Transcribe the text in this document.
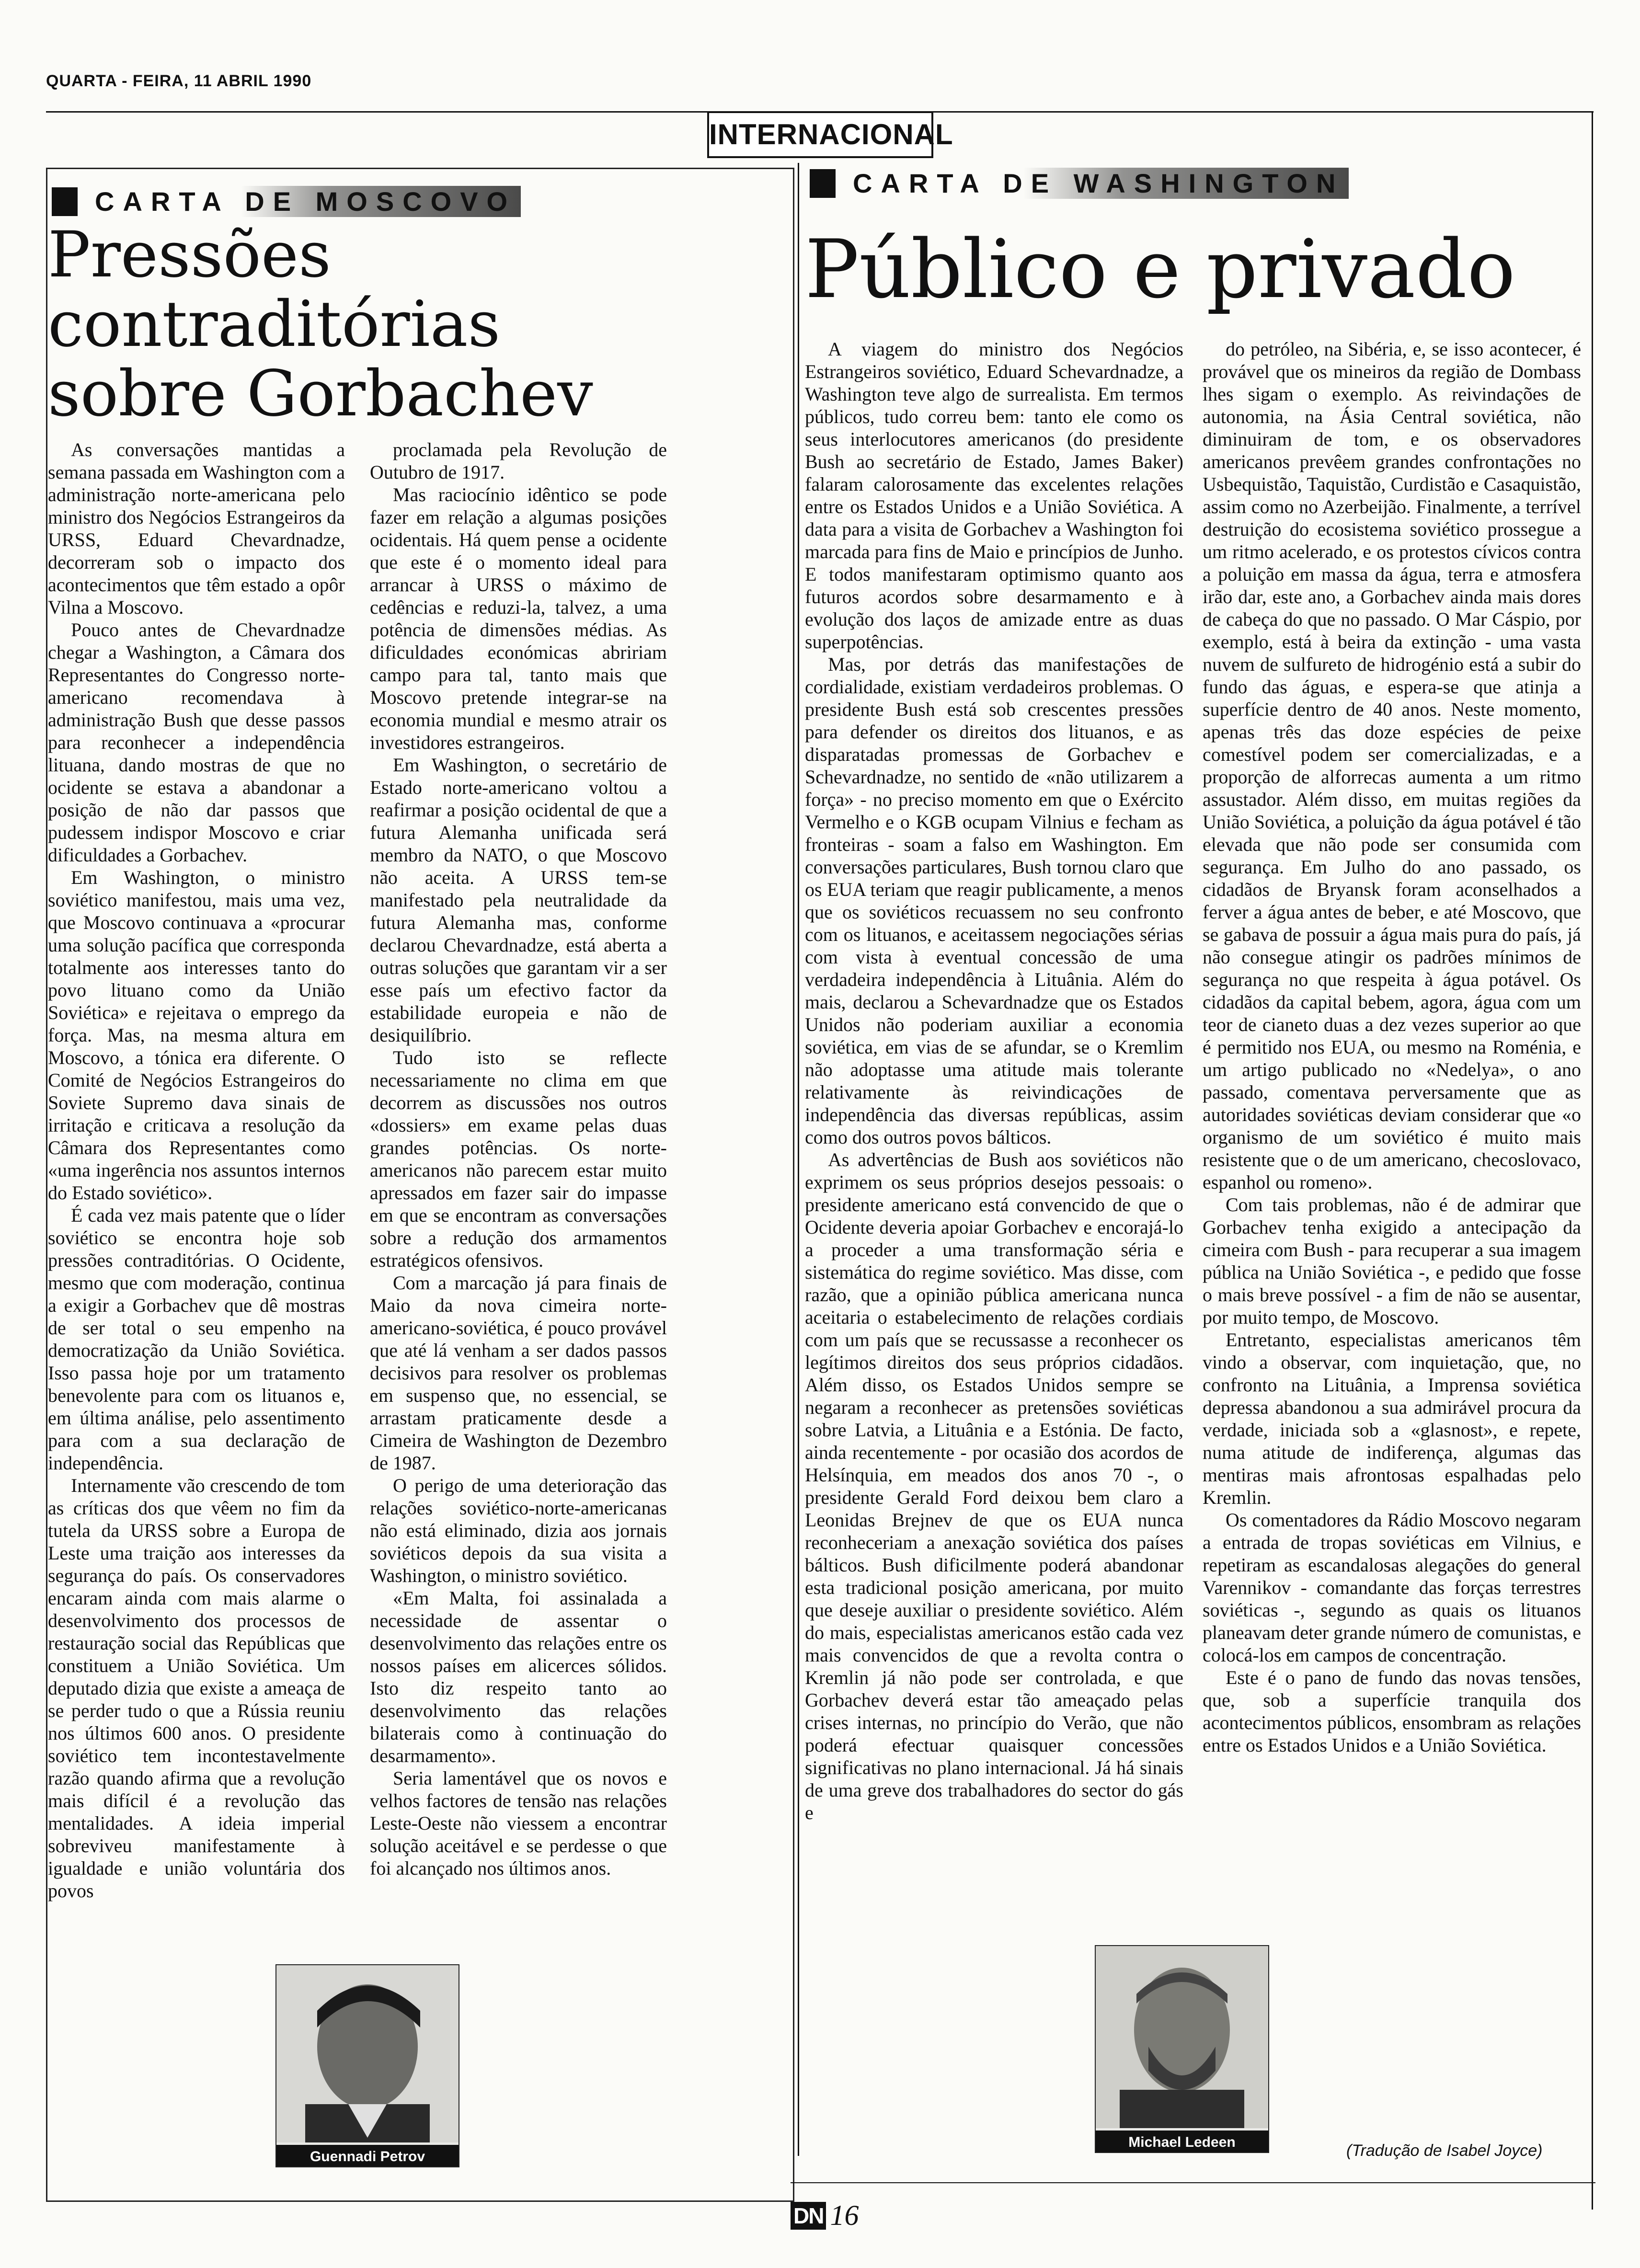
QUARTA - FEIRA, 11 ABRIL 1990
INTERNACIONAL
CARTA DE MOSCOVO
Pressões
contraditórias
sobre Gorbachev

As conversações mantidas a semana passada em Washington com a administração norte-americana pelo ministro dos Negócios Estrangeiros da URSS, Eduard Chevardnadze, decorreram sob o impacto dos acontecimentos que têm estado a opôr Vilna a Moscovo.

Pouco antes de Chevardnadze chegar a Washington, a Câmara dos Representantes do Congresso norte-americano recomendava à administração Bush que desse passos para reconhecer a independência lituana, dando mostras de que no ocidente se estava a abandonar a posição de não dar passos que pudessem indispor Moscovo e criar dificuldades a Gorbachev.

Em Washington, o ministro soviético manifestou, mais uma vez, que Moscovo continuava a «procurar uma solução pacífica que corresponda totalmente aos interesses tanto do povo lituano como da União Soviética» e rejeitava o emprego da força. Mas, na mesma altura em Moscovo, a tónica era diferente. O Comité de Negócios Estrangeiros do Soviete Supremo dava sinais de irritação e criticava a resolução da Câmara dos Representantes como «uma ingerência nos assuntos internos do Estado soviético».

É cada vez mais patente que o líder soviético se encontra hoje sob pressões contraditórias. O Ocidente, mesmo que com moderação, continua a exigir a Gorbachev que dê mostras de ser total o seu empenho na democratização da União Soviética. Isso passa hoje por um tratamento benevolente para com os lituanos e, em última análise, pelo assentimento para com a sua declaração de independência.

Internamente vão crescendo de tom as críticas dos que vêem no fim da tutela da URSS sobre a Europa de Leste uma traição aos interesses da segurança do país. Os conservadores encaram ainda com mais alarme o desenvolvimento dos processos de restauração social das Repúblicas que constituem a União Soviética. Um deputado dizia que existe a ameaça de se perder tudo o que a Rússia reuniu nos últimos 600 anos. O presidente soviético tem incontestavelmente razão quando afirma que a revolução mais difícil é a revolução das mentalidades. A ideia imperial sobreviveu manifestamente à igualdade e união voluntária dos povos

proclamada pela Revolução de Outubro de 1917.

Mas raciocínio idêntico se pode fazer em relação a algumas posições ocidentais. Há quem pense a ocidente que este é o momento ideal para arrancar à URSS o máximo de cedências e reduzi-la, talvez, a uma potência de dimensões médias. As dificuldades económicas abririam campo para tal, tanto mais que Moscovo pretende integrar-se na economia mundial e mesmo atrair os investidores estrangeiros.

Em Washington, o secretário de Estado norte-americano voltou a reafirmar a posição ocidental de que a futura Alemanha unificada será membro da NATO, o que Moscovo não aceita. A URSS tem-se manifestado pela neutralidade da futura Alemanha mas, conforme declarou Chevardnadze, está aberta a outras soluções que garantam vir a ser esse país um efectivo factor da estabilidade europeia e não de desiquilíbrio.

Tudo isto se reflecte necessariamente no clima em que decorrem as discussões nos outros «dossiers» em exame pelas duas grandes potências. Os norte-americanos não parecem estar muito apressados em fazer sair do impasse em que se encontram as conversações sobre a redução dos armamentos estratégicos ofensivos.

Com a marcação já para finais de Maio da nova cimeira norte-americano-soviética, é pouco provável que até lá venham a ser dados passos decisivos para resolver os problemas em suspenso que, no essencial, se arrastam praticamente desde a Cimeira de Washington de Dezembro de 1987.

O perigo de uma deterioração das relações soviético-norte-americanas não está eliminado, dizia aos jornais soviéticos depois da sua visita a Washington, o ministro soviético.

«Em Malta, foi assinalada a necessidade de assentar o desenvolvimento das relações entre os nossos países em alicerces sólidos. Isto diz respeito tanto ao desenvolvimento das relações bilaterais como à continuação do desarmamento».

Seria lamentável que os novos e velhos factores de tensão nas relações Leste-Oeste não viessem a encontrar solução aceitável e se perdesse o que foi alcançado nos últimos anos.

Guennadi Petrov
CARTA DE WASHINGTON
Público e privado

A viagem do ministro dos Negócios Estrangeiros soviético, Eduard Schevardnadze, a Washington teve algo de surrealista. Em termos públicos, tudo correu bem: tanto ele como os seus interlocutores americanos (do presidente Bush ao secretário de Estado, James Baker) falaram calorosamente das excelentes relações entre os Estados Unidos e a União Soviética. A data para a visita de Gorbachev a Washington foi marcada para fins de Maio e princípios de Junho. E todos manifestaram optimismo quanto aos futuros acordos sobre desarmamento e à evolução dos laços de amizade entre as duas superpotências.

Mas, por detrás das manifestações de cordialidade, existiam verdadeiros problemas. O presidente Bush está sob crescentes pressões para defender os direitos dos lituanos, e as disparatadas promessas de Gorbachev e Schevardnadze, no sentido de «não utilizarem a força» - no preciso momento em que o Exército Vermelho e o KGB ocupam Vilnius e fecham as fronteiras - soam a falso em Washington. Em conversações particulares, Bush tornou claro que os EUA teriam que reagir publicamente, a menos que os soviéticos recuassem no seu confronto com os lituanos, e aceitassem negociações sérias com vista à eventual concessão de uma verdadeira independência à Lituânia. Além do mais, declarou a Schevardnadze que os Estados Unidos não poderiam auxiliar a economia soviética, em vias de se afundar, se o Kremlim não adoptasse uma atitude mais tolerante relativamente às reivindicações de independência das diversas repúblicas, assim como dos outros povos bálticos.

As advertências de Bush aos soviéticos não exprimem os seus próprios desejos pessoais: o presidente americano está convencido de que o Ocidente deveria apoiar Gorbachev e encorajá-lo a proceder a uma transformação séria e sistemática do regime soviético. Mas disse, com razão, que a opinião pública americana nunca aceitaria o estabelecimento de relações cordiais com um país que se recussasse a reconhecer os legítimos direitos dos seus próprios cidadãos. Além disso, os Estados Unidos sempre se negaram a reconhecer as pretensões soviéticas sobre Latvia, a Lituânia e a Estónia. De facto, ainda recentemente - por ocasião dos acordos de Helsínquia, em meados dos anos 70 -, o presidente Gerald Ford deixou bem claro a Leonidas Brejnev de que os EUA nunca reconheceriam a anexação soviética dos países bálticos. Bush dificilmente poderá abandonar esta tradicional posição americana, por muito que deseje auxiliar o presidente soviético. Além do mais, especialistas americanos estão cada vez mais convencidos de que a revolta contra o Kremlin já não pode ser controlada, e que Gorbachev deverá estar tão ameaçado pelas crises internas, no princípio do Verão, que não poderá efectuar quaisquer concessões significativas no plano internacional. Já há sinais de uma greve dos trabalhadores do sector do gás e

do petróleo, na Sibéria, e, se isso acontecer, é provável que os mineiros da região de Dombass lhes sigam o exemplo. As reivindações de autonomia, na Ásia Central soviética, não diminuiram de tom, e os observadores americanos prevêem grandes confrontações no Usbequistão, Taquistão, Curdistão e Casaquistão, assim como no Azerbeijão. Finalmente, a terrível destruição do ecosistema soviético prossegue a um ritmo acelerado, e os protestos cívicos contra a poluição em massa da água, terra e atmosfera irão dar, este ano, a Gorbachev ainda mais dores de cabeça do que no passado. O Mar Cáspio, por exemplo, está à beira da extinção - uma vasta nuvem de sulfureto de hidrogénio está a subir do fundo das águas, e espera-se que atinja a superfície dentro de 40 anos. Neste momento, apenas três das doze espécies de peixe comestível podem ser comercializadas, e a proporção de alforrecas aumenta a um ritmo assustador. Além disso, em muitas regiões da União Soviética, a poluição da água potável é tão elevada que não pode ser consumida com segurança. Em Julho do ano passado, os cidadãos de Bryansk foram aconselhados a ferver a água antes de beber, e até Moscovo, que se gabava de possuir a água mais pura do país, já não consegue atingir os padrões mínimos de segurança no que respeita à água potável. Os cidadãos da capital bebem, agora, água com um teor de cianeto duas a dez vezes superior ao que é permitido nos EUA, ou mesmo na Roménia, e um artigo publicado no «Nedelya», o ano passado, comentava perversamente que as autoridades soviéticas deviam considerar que «o organismo de um soviético é muito mais resistente que o de um americano, checoslovaco, espanhol ou romeno».

Com tais problemas, não é de admirar que Gorbachev tenha exigido a antecipação da cimeira com Bush - para recuperar a sua imagem pública na União Soviética -, e pedido que fosse o mais breve possível - a fim de não se ausentar, por muito tempo, de Moscovo.

Entretanto, especialistas americanos têm vindo a observar, com inquietação, que, no confronto na Lituânia, a Imprensa soviética depressa abandonou a sua admirável procura da verdade, iniciada sob a «glasnost», e repete, numa atitude de indiferença, algumas das mentiras mais afrontosas espalhadas pelo Kremlin.

Os comentadores da Rádio Moscovo negaram a entrada de tropas soviéticas em Vilnius, e repetiram as escandalosas alegações do general Varennikov - comandante das forças terrestres soviéticas -, segundo as quais os lituanos planeavam deter grande número de comunistas, e colocá-los em campos de concentração.

Este é o pano de fundo das novas tensões, que, sob a superfície tranquila dos acontecimentos públicos, ensombram as relações entre os Estados Unidos e a União Soviética.

Michael Ledeen	(Tradução de Isabel Joyce)
DN 16
